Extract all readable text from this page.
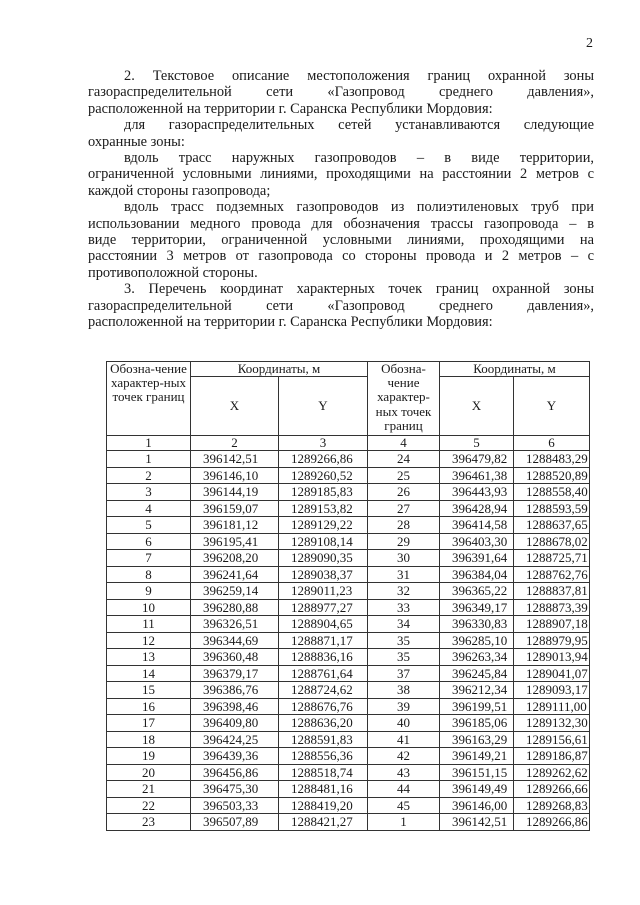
2

2. Текстовое описание местоположения границ охранной зоны

газораспределительной сети «Газопровод среднего давления»,

расположенной на территории г. Саранска Республики Мордовия:

для газораспределительных сетей устанавливаются следующие

охранные зоны:

вдоль трасс наружных газопроводов – в виде территории,

ограниченной условными линиями, проходящими на расстоянии 2 метров с

каждой стороны газопровода;

вдоль трасс подземных газопроводов из полиэтиленовых труб при

использовании медного провода для обозначения трассы газопровода – в

виде территории, ограниченной условными линиями, проходящими на

расстоянии 3 метров от газопровода со стороны провода и 2 метров – с

противоположной стороны.

3. Перечень координат характерных точек границ охранной зоны

газораспределительной сети «Газопровод среднего давления»,

расположенной на территории г. Саранска Республики Мордовия:

Обозна-чение характер-ных точек границ	Координаты, м		Обозна-чение характер-ных точек границ	Координаты, м	
	X	Y		X	Y
1	2	3	4	5	6
1	396142,51	1289266,86	24	396479,82	1288483,29
2	396146,10	1289260,52	25	396461,38	1288520,89
3	396144,19	1289185,83	26	396443,93	1288558,40
4	396159,07	1289153,82	27	396428,94	1288593,59
5	396181,12	1289129,22	28	396414,58	1288637,65
6	396195,41	1289108,14	29	396403,30	1288678,02
7	396208,20	1289090,35	30	396391,64	1288725,71
8	396241,64	1289038,37	31	396384,04	1288762,76
9	396259,14	1289011,23	32	396365,22	1288837,81
10	396280,88	1288977,27	33	396349,17	1288873,39
11	396326,51	1288904,65	34	396330,83	1288907,18
12	396344,69	1288871,17	35	396285,10	1288979,95
13	396360,48	1288836,16	35	396263,34	1289013,94
14	396379,17	1288761,64	37	396245,84	1289041,07
15	396386,76	1288724,62	38	396212,34	1289093,17
16	396398,46	1288676,76	39	396199,51	1289111,00
17	396409,80	1288636,20	40	396185,06	1289132,30
18	396424,25	1288591,83	41	396163,29	1289156,61
19	396439,36	1288556,36	42	396149,21	1289186,87
20	396456,86	1288518,74	43	396151,15	1289262,62
21	396475,30	1288481,16	44	396149,49	1289266,66
22	396503,33	1288419,20	45	396146,00	1289268,83
23	396507,89	1288421,27	1	396142,51	1289266,86
